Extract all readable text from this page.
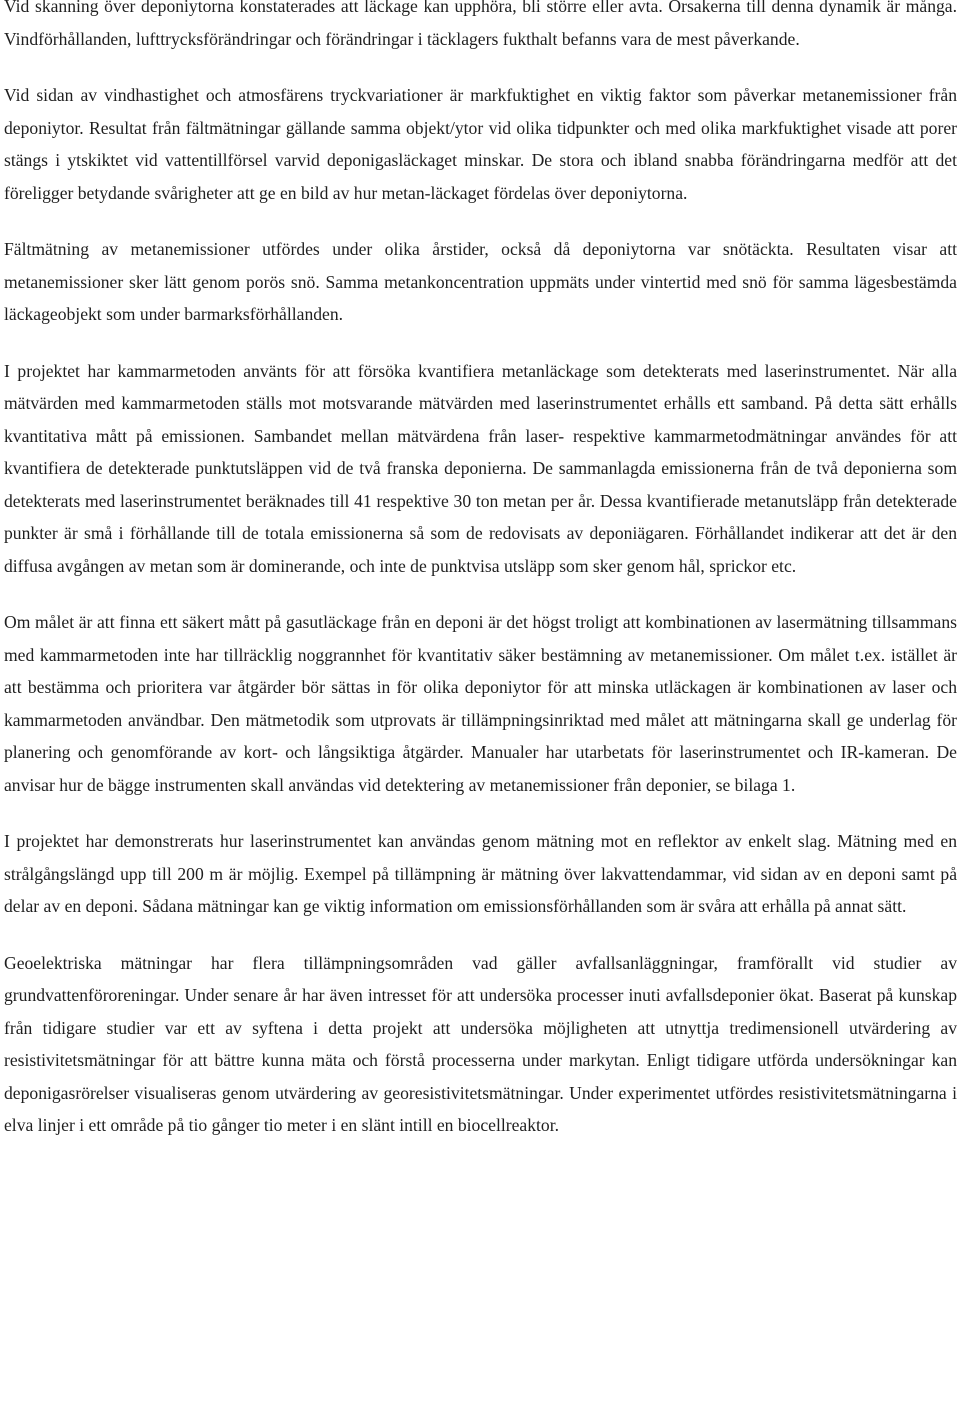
Vid skanning över deponiytorna konstaterades att läckage kan upphöra, bli större eller avta. Orsakerna till denna dynamik är många. Vindförhållanden, lufttrycksförändringar och förändringar i täcklagers fukthalt befanns vara de mest påverkande.

Vid sidan av vindhastighet och atmosfärens tryckvariationer är markfuktighet en viktig faktor som påverkar metanemissioner från deponiytor. Resultat från fältmätningar gällande samma objekt/ytor vid olika tidpunkter och med olika markfuktighet visade att porer stängs i ytskiktet vid vattentillförsel varvid deponigasläckaget minskar. De stora och ibland snabba förändringarna medför att det föreligger betydande svårigheter att ge en bild av hur metan-läckaget fördelas över deponiytorna.

Fältmätning av metanemissioner utfördes under olika årstider, också då deponiytorna var snötäckta. Resultaten visar att metanemissioner sker lätt genom porös snö. Samma metankoncentration uppmäts under vintertid med snö för samma lägesbestämda läckageobjekt som under barmarksförhållanden.

I projektet har kammarmetoden använts för att försöka kvantifiera metanläckage som detekterats med laserinstrumentet. När alla mätvärden med kammarmetoden ställs mot motsvarande mätvärden med laserinstrumentet erhålls ett samband. På detta sätt erhålls kvantitativa mått på emissionen. Sambandet mellan mätvärdena från laser- respektive kammarmetodmätningar användes för att kvantifiera de detekterade punktutsläppen vid de två franska deponierna. De sammanlagda emissionerna från de två deponierna som detekterats med laserinstrumentet beräknades till 41 respektive 30 ton metan per år. Dessa kvantifierade metanutsläpp från detekterade punkter är små i förhållande till de totala emissionerna så som de redovisats av deponiägaren. Förhållandet indikerar att det är den diffusa avgången av metan som är dominerande, och inte de punktvisa utsläpp som sker genom hål, sprickor etc.

Om målet är att finna ett säkert mått på gasutläckage från en deponi är det högst troligt att kombinationen av lasermätning tillsammans med kammarmetoden inte har tillräcklig noggrannhet för kvantitativ säker bestämning av metanemissioner. Om målet t.ex. istället är att bestämma och prioritera var åtgärder bör sättas in för olika deponiytor för att minska utläckagen är kombinationen av laser och kammarmetoden användbar. Den mätmetodik som utprovats är tillämpningsinriktad med målet att mätningarna skall ge underlag för planering och genomförande av kort- och långsiktiga åtgärder. Manualer har utarbetats för laserinstrumentet och IR-kameran. De anvisar hur de bägge instrumenten skall användas vid detektering av metanemissioner från deponier, se bilaga 1.

I projektet har demonstrerats hur laserinstrumentet kan användas genom mätning mot en reflektor av enkelt slag. Mätning med en strålgångslängd upp till 200 m är möjlig. Exempel på tillämpning är mätning över lakvattendammar, vid sidan av en deponi samt på delar av en deponi. Sådana mätningar kan ge viktig information om emissionsförhållanden som är svåra att erhålla på annat sätt.

Geoelektriska mätningar har flera tillämpningsområden vad gäller avfallsanläggningar, framförallt vid studier av grundvattenföroreningar. Under senare år har även intresset för att undersöka processer inuti avfallsdeponier ökat. Baserat på kunskap från tidigare studier var ett av syftena i detta projekt att undersöka möjligheten att utnyttja tredimensionell utvärdering av resistivitetsmätningar för att bättre kunna mäta och förstå processerna under markytan. Enligt tidigare utförda undersökningar kan deponigasrörelser visualiseras genom utvärdering av georesistivitetsmätningar. Under experimentet utfördes resistivitetsmätningarna i elva linjer i ett område på tio gånger tio meter i en slänt intill en biocellreaktor.
